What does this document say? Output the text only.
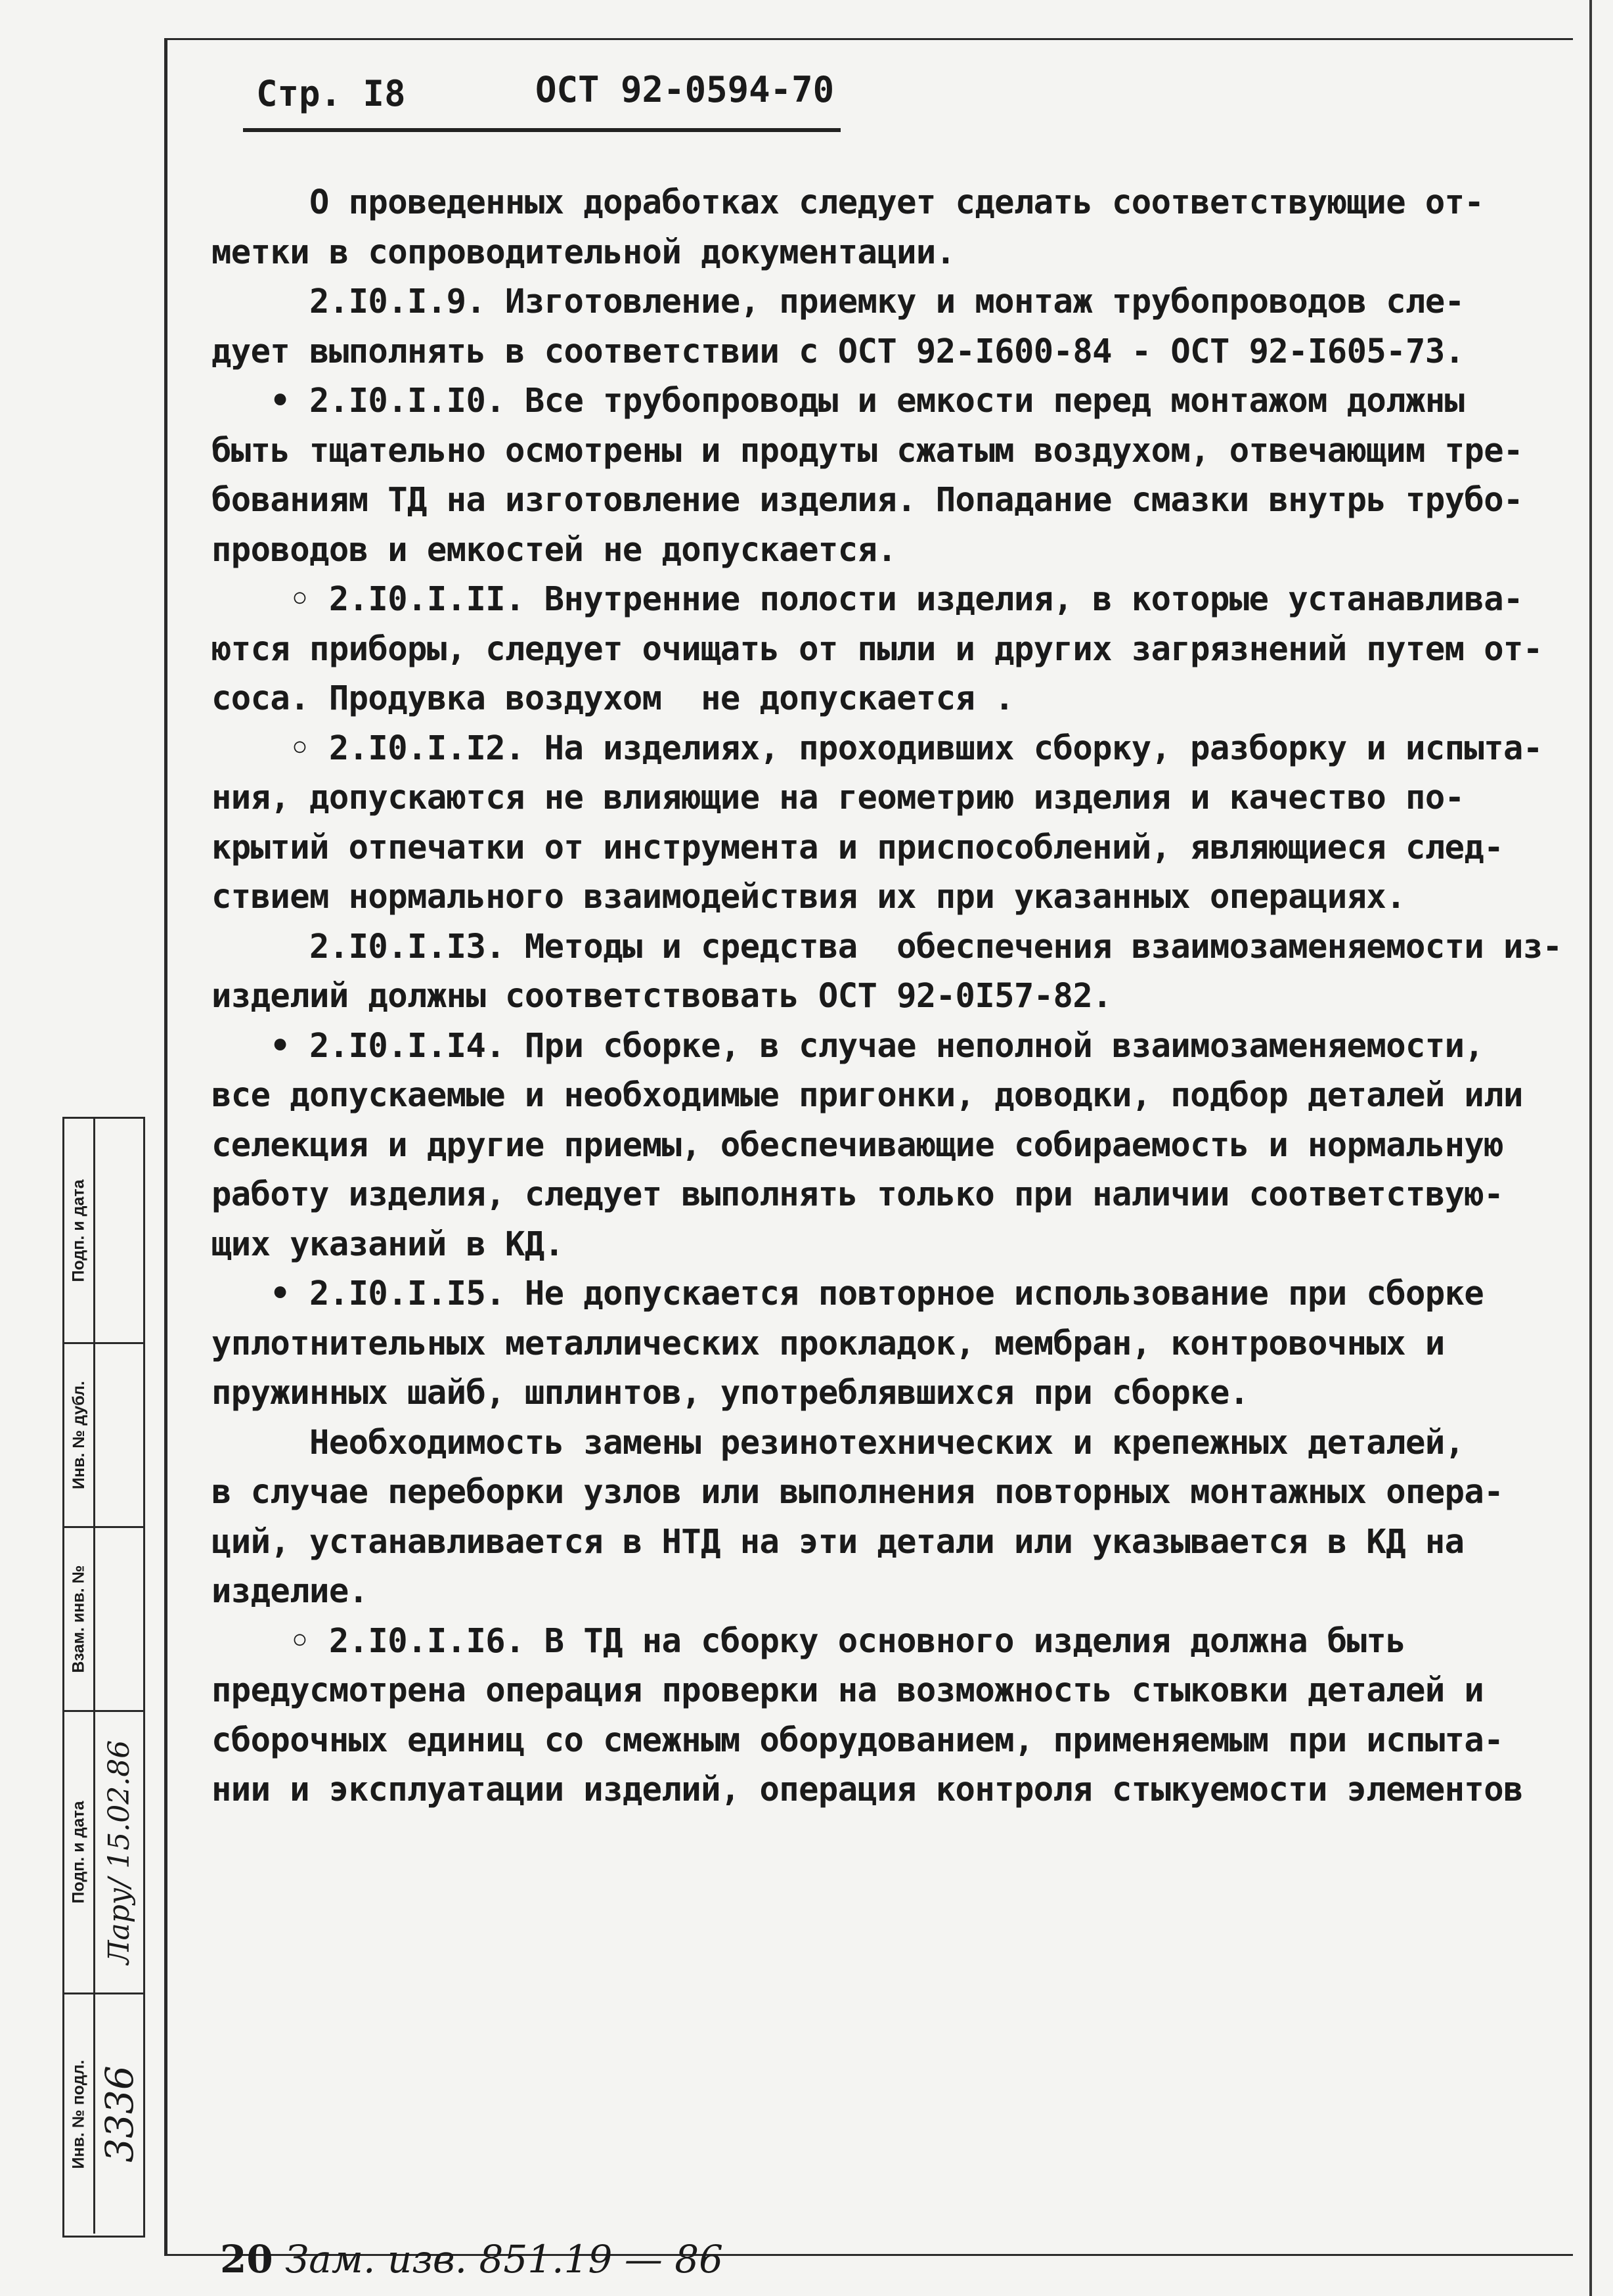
Стр. I8	ОСТ 92-0594-70
О проведенных доработках следует сделать соответствующие от-
метки в сопроводительной документации.
2.I0.I.9. Изготовление, приемку и монтаж трубопроводов сле-
дует выполнять в соответствии с ОСТ 92-I600-84 - ОСТ 92-I605-73.
• 2.I0.I.I0. Все трубопроводы и емкости перед монтажом должны
быть тщательно осмотрены и продуты сжатым воздухом, отвечающим тре-
бованиям ТД на изготовление изделия. Попадание смазки внутрь трубо-
проводов и емкостей не допускается.
◦ 2.I0.I.II. Внутренние полости изделия, в которые устанавлива-
ются приборы, следует очищать от пыли и других загрязнений путем от-
соса. Продувка воздухом  не допускается .
◦ 2.I0.I.I2. На изделиях, проходивших сборку, разборку и испыта-
ния, допускаются не влияющие на геометрию изделия и качество по-
крытий отпечатки от инструмента и приспособлений, являющиеся след-
ствием нормального взаимодействия их при указанных операциях.
2.I0.I.I3. Методы и средства  обеспечения взаимозаменяемости из-
изделий должны соответствовать ОСТ 92-0I57-82.
• 2.I0.I.I4. При сборке, в случае неполной взаимозаменяемости,
все допускаемые и необходимые пригонки, доводки, подбор деталей или
селекция и другие приемы, обеспечивающие собираемость и нормальную
работу изделия, следует выполнять только при наличии соответствую-
щих указаний в КД.
• 2.I0.I.I5. Не допускается повторное использование при сборке
уплотнительных металлических прокладок, мембран, контровочных и
пружинных шайб, шплинтов, употреблявшихся при сборке.
Необходимость замены резинотехнических и крепежных деталей,
в случае переборки узлов или выполнения повторных монтажных опера-
ций, устанавливается в НТД на эти детали или указывается в КД на
изделие.
◦ 2.I0.I.I6. В ТД на сборку основного изделия должна быть
предусмотрена операция проверки на возможность стыковки деталей и
сборочных единиц со смежным оборудованием, применяемым при испыта-
нии и эксплуатации изделий, операция контроля стыкуемости элементов
Подп. и дата
Инв. № дубл.
Взам. инв. №
Подп. и дата Лару/ 15.02.86
Инв. № подл. 3336
20 Зам. изв. 851.19 — 86
